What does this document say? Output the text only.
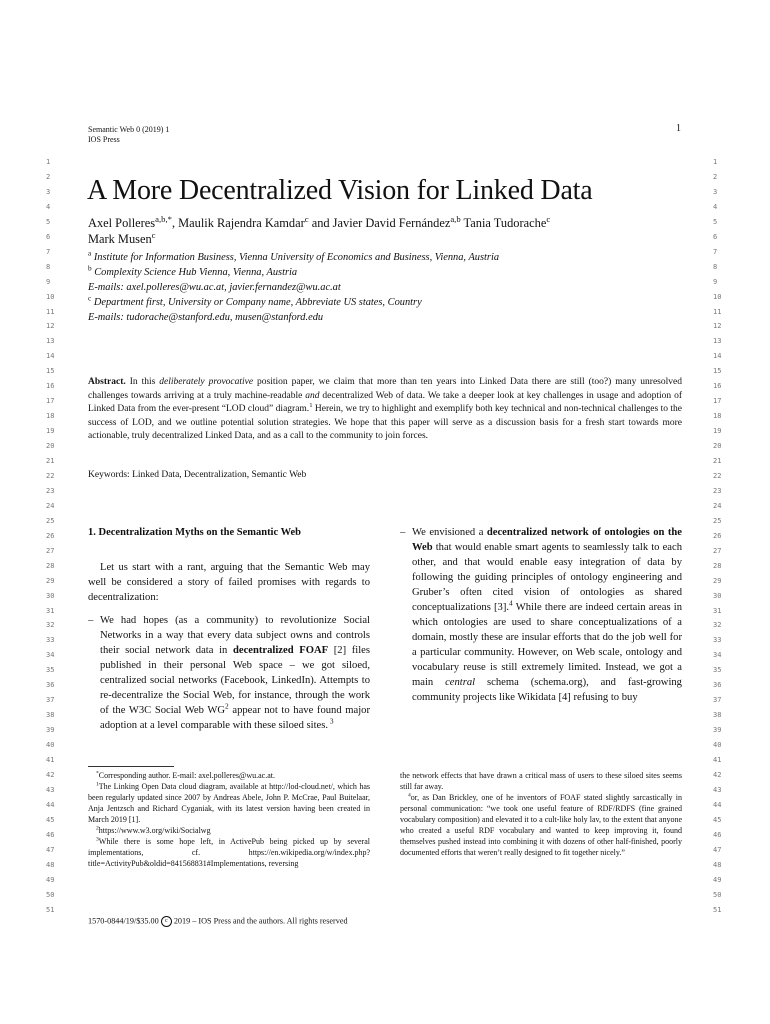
Semantic Web 0 (2019) 1
IOS Press
1
1
2
3
4
5
6
7
8
9
10
11
12
13
14
15
16
17
18
19
20
21
22
23
24
25
26
27
28
29
30
31
32
33
34
35
36
37
38
39
40
41
42
43
44
45
46
47
48
49
50
51
1
2
3
4
5
6
7
8
9
10
11
12
13
14
15
16
17
18
19
20
21
22
23
24
25
26
27
28
29
30
31
32
33
34
35
36
37
38
39
40
41
42
43
44
45
46
47
48
49
50
51
A More Decentralized Vision for Linked Data
Axel Polleres$^{a,b,*}$, Maulik Rajendra Kamdar$^c$ and Javier David Fernández$^{a,b}$ Tania Tudorache$^c$
Mark Musen$^c$
$^a$ Institute for Information Business, Vienna University of Economics and Business, Vienna, Austria
$^b$ Complexity Science Hub Vienna, Vienna, Austria
E-mails: axel.polleres@wu.ac.at, javier.fernandez@wu.ac.at
$^c$ Department first, University or Company name, Abbreviate US states, Country
E-mails: tudorache@stanford.edu, musen@stanford.edu
Abstract. In this deliberately provocative position paper, we claim that more than ten years into Linked Data there are still (too?) many unresolved challenges towards arriving at a truly machine-readable and decentralized Web of data. We take a deeper look at key challenges in usage and adoption of Linked Data from the ever-present “LOD cloud” diagram.$^1$ Herein, we try to highlight and exemplify both key technical and non-technical challenges to the success of LOD, and we outline potential solution strategies. We hope that this paper will serve as a discussion basis for a fresh start towards more actionable, truly decentralized Linked Data, and as a call to the community to join forces.
Keywords: Linked Data, Decentralization, Semantic Web
1. Decentralization Myths on the Semantic Web
Let us start with a rant, arguing that the Semantic Web may well be considered a story of failed promises with regards to decentralization:
– We had hopes (as a community) to revolutionize Social Networks in a way that every data subject owns and controls their social network data in decentralized FOAF [2] files published in their personal Web space – we got siloed, centralized social networks (Facebook, LinkedIn). Attempts to re-decentralize the Social Web, for instance, through the work of the W3C Social Web $WG^2$ appear not to have found major adoption at a level comparable with these siloed sites. $^3$
– We envisioned a decentralized network of ontologies on the Web that would enable smart agents to seamlessly talk to each other, and that would enable easy integration of data by following the guiding principles of ontology engineering and Gruber’s often cited vision of ontologies as shared conceptualizations [3].$^4$ While there are indeed certain areas in which ontologies are used to share conceptualizations of a domain, mostly these are insular efforts that do the job well for a particular community. However, on Web scale, ontology and vocabulary reuse is still extremely limited. Instead, we got a main central schema (schema.org), and fast-growing community projects like Wikidata [4] refusing to buy
*Corresponding author. E-mail: axel.polleres@wu.ac.at.
$^1$The Linking Open Data cloud diagram, available at http://lod-cloud.net/, which has been regularly updated since 2007 by Andreas Abele, John P. McCrae, Paul Buitelaar, Anja Jentzsch and Richard Cyganiak, with its latest version having been created in March 2019 [1].
$^2$https://www.w3.org/wiki/Socialwg
$^3$While there is some hope left, in ActivePub being picked up by several implementations, cf. https://en.wikipedia.org/w/index.php?title=ActivityPub&oldid=841568831#Implementations, reversing
the network effects that have drawn a critical mass of users to these siloed sites seems still far away.
$^4$or, as Dan Brickley, one of he inventors of FOAF stated slightly sarcastically in personal communication: “we took one useful feature of RDF/RDFS (fine grained vocabulary composition) and elevated it to a cult-like holy lav, to the extent that anyone who created a useful RDF vocabulary and wanted to keep improving it, found themselves pushed instead into combining it with dozens of other half-finished, poorly documented efforts that weren’t really designed to fit together nicely.”
1570-0844/19/$35.00 c 2019 – IOS Press and the authors. All rights reserved
